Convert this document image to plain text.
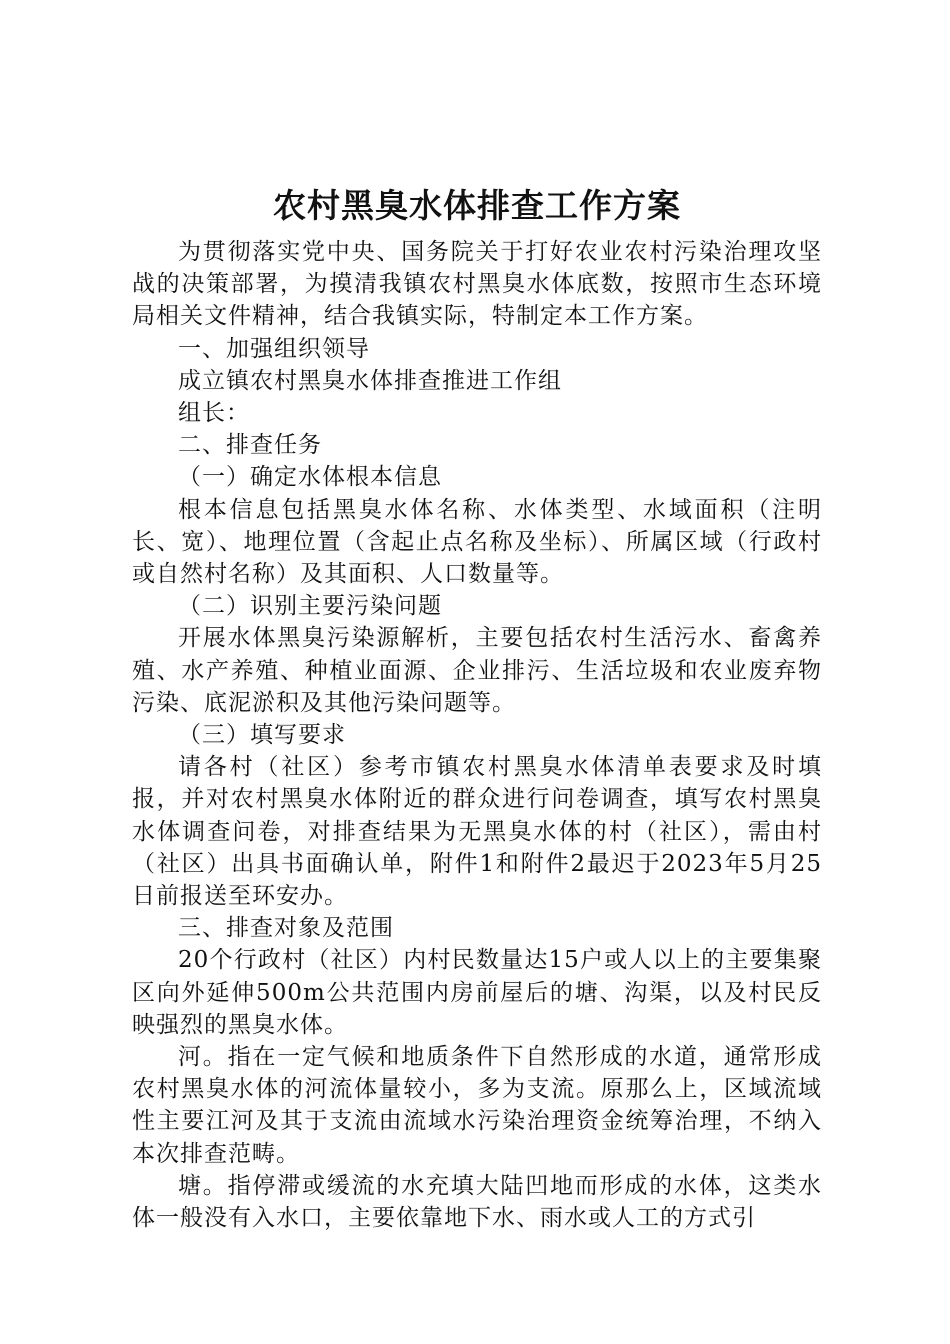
农村黑臭水体排查工作方案

为贯彻落实党中央、国务院关于打好农业农村污染治理攻坚战的决策部署，为摸清我镇农村黑臭水体底数，按照市生态环境局相关文件精神，结合我镇实际，特制定本工作方案。

一、加强组织领导

成立镇农村黑臭水体排查推进工作组

组长：

二、排查任务

（一）确定水体根本信息

根本信息包括黑臭水体名称、水体类型、水域面积（注明长、宽）、地理位置（含起止点名称及坐标）、所属区域（行政村或自然村名称）及其面积、人口数量等。

（二）识别主要污染问题

开展水体黑臭污染源解析，主要包括农村生活污水、畜禽养殖、水产养殖、种植业面源、企业排污、生活垃圾和农业废弃物污染、底泥淤积及其他污染问题等。

（三）填写要求

请各村（社区）参考市镇农村黑臭水体清单表要求及时填报，并对农村黑臭水体附近的群众进行问卷调查，填写农村黑臭水体调查问卷，对排查结果为无黑臭水体的村（社区），需由村（社区）出具书面确认单，附件1和附件2最迟于2023年5月25日前报送至环安办。

三、排查对象及范围

20个行政村（社区）内村民数量达15户或人以上的主要集聚区向外延伸500m公共范围内房前屋后的塘、沟渠，以及村民反映强烈的黑臭水体。

河。指在一定气候和地质条件下自然形成的水道，通常形成农村黑臭水体的河流体量较小，多为支流。原那么上，区域流域性主要江河及其于支流由流域水污染治理资金统筹治理，不纳入本次排查范畴。

塘。指停滞或缓流的水充填大陆凹地而形成的水体，这类水体一般没有入水口，主要依靠地下水、雨水或人工的方式引
